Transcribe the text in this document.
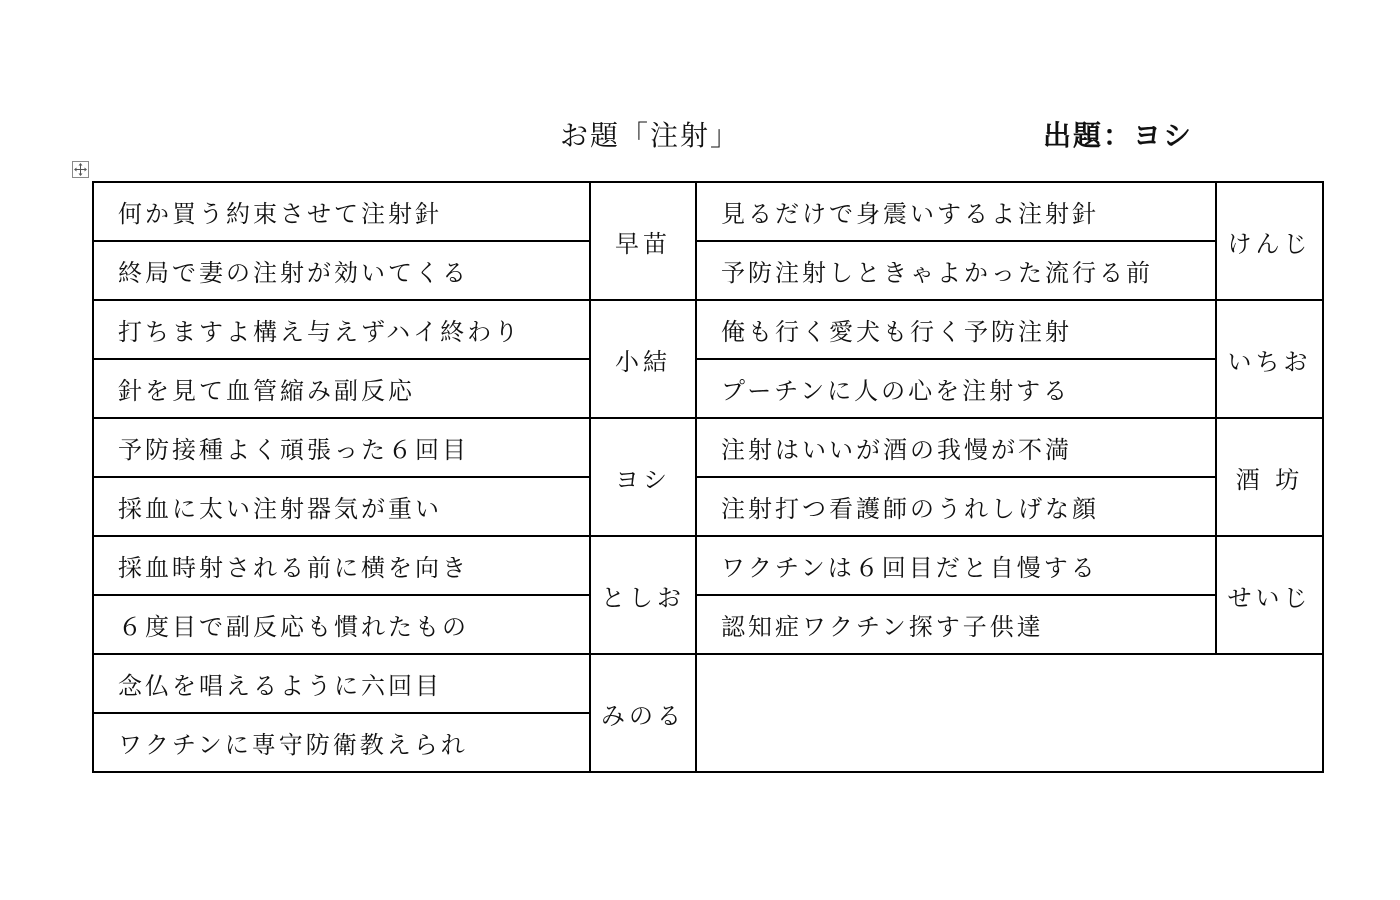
お題「注射」	出題：ヨシ
何か買う約束させて注射針	早苗	見るだけで身震いするよ注射針	けんじ
終局で妻の注射が効いてくる		予防注射しときゃよかった流行る前	
打ちますよ構え与えずハイ終わり	小結	俺も行く愛犬も行く予防注射	いちお
針を見て血管縮み副反応		プーチンに人の心を注射する	
予防接種よく頑張った６回目	ヨシ	注射はいいが酒の我慢が不満	酒 坊
採血に太い注射器気が重い		注射打つ看護師のうれしげな顔	
採血時射される前に横を向き	としお	ワクチンは６回目だと自慢する	せいじ
６度目で副反応も慣れたもの		認知症ワクチン探す子供達	
念仏を唱えるように六回目	みのる		
ワクチンに専守防衛教えられ			
